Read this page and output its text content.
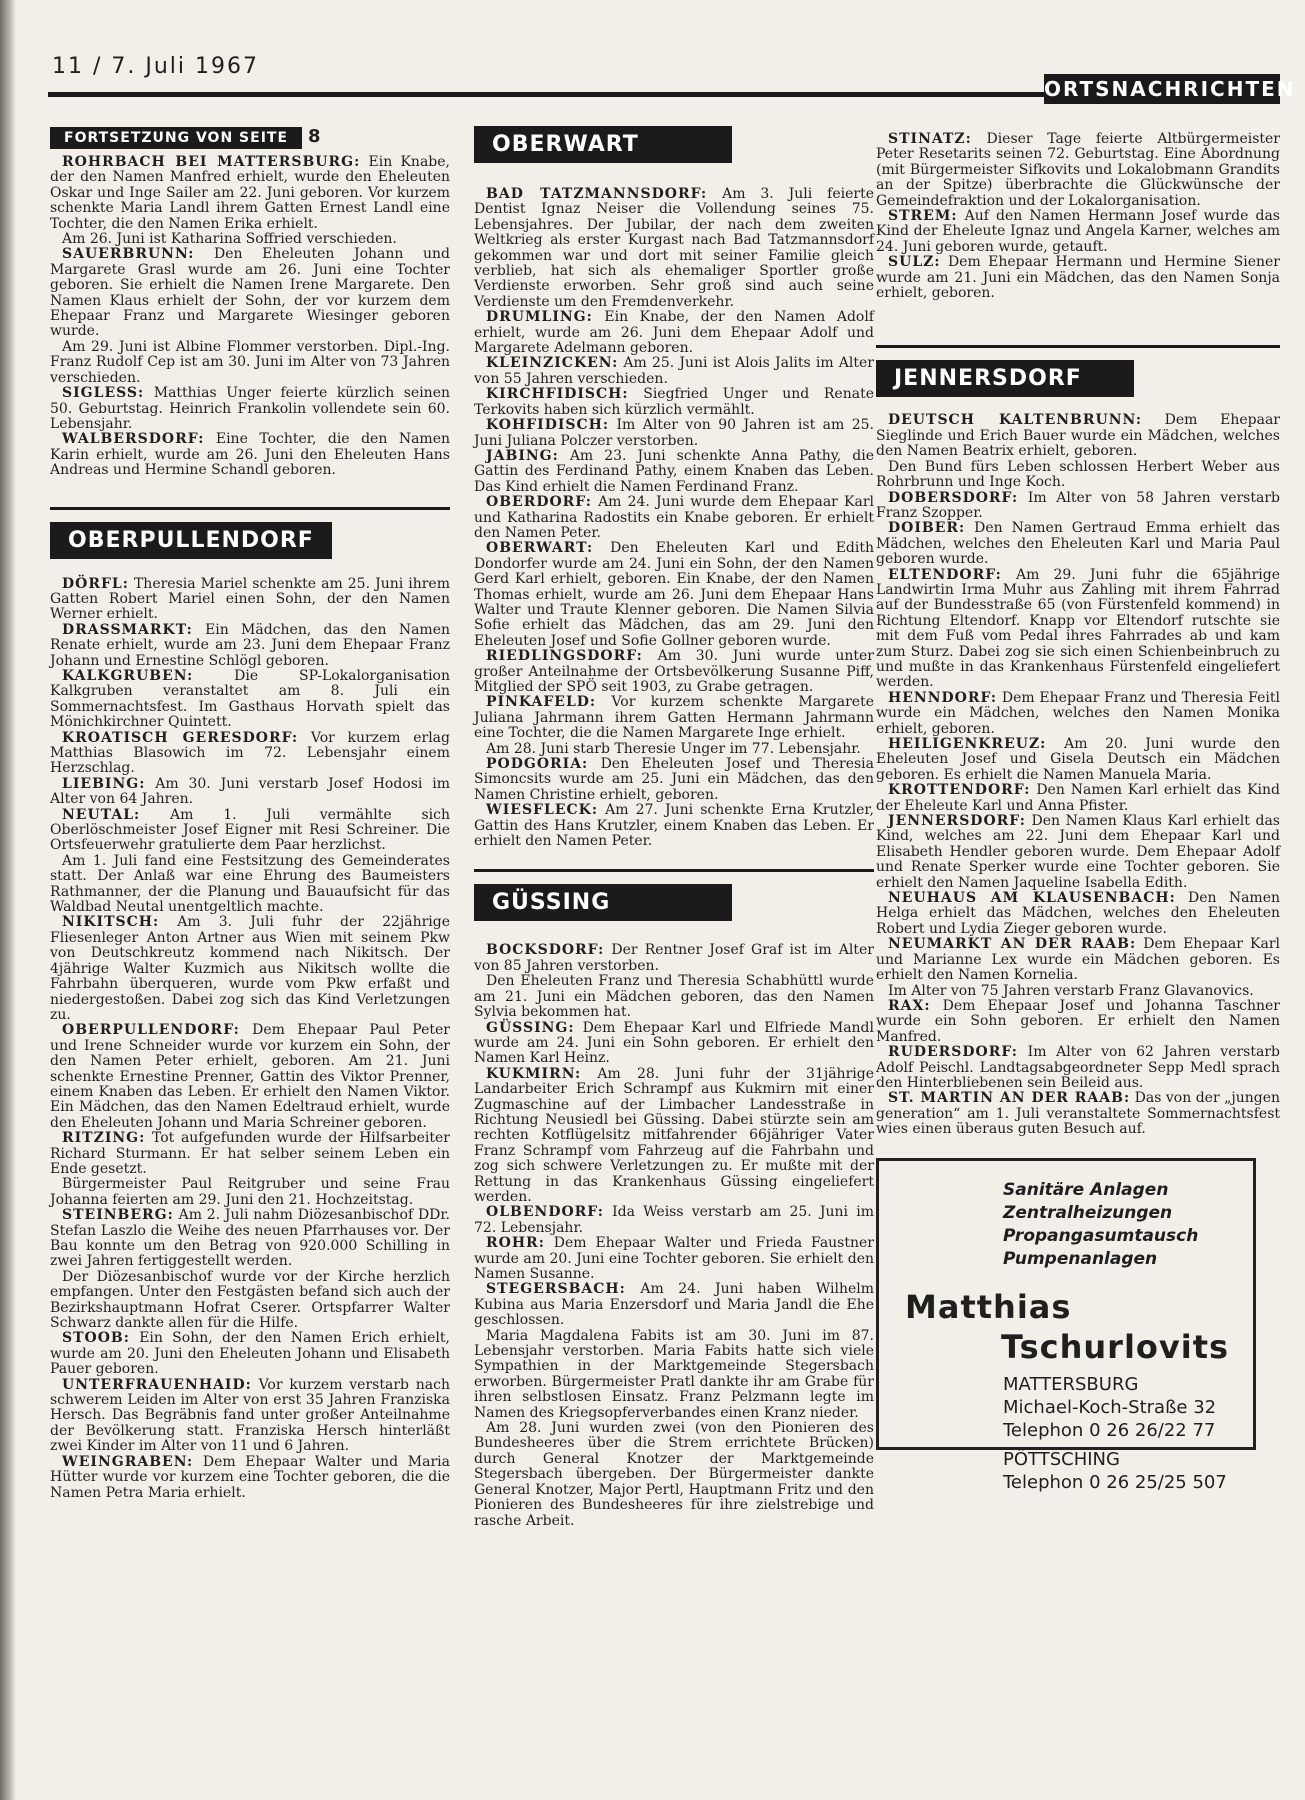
11 / 7. Juli 1967
ORTSNACHRICHTEN
FORTSETZUNG VON SEITE 8

ROHRBACH BEI MATTERSBURG: Ein Knabe, der den Namen Manfred erhielt, wurde den Eheleuten Oskar und Inge Sailer am 22. Juni geboren. Vor kurzem schenkte Maria Landl ihrem Gatten Ernest Landl eine Tochter, die den Namen Erika erhielt.

Am 26. Juni ist Katharina Soffried verschieden.

SAUERBRUNN: Den Eheleuten Johann und Margarete Grasl wurde am 26. Juni eine Tochter geboren. Sie erhielt die Namen Irene Margarete. Den Namen Klaus erhielt der Sohn, der vor kurzem dem Ehepaar Franz und Margarete Wiesinger geboren wurde.

Am 29. Juni ist Albine Flommer verstorben. Dipl.-Ing. Franz Rudolf Cep ist am 30. Juni im Alter von 73 Jahren verschieden.

SIGLESS: Matthias Unger feierte kürzlich seinen 50. Geburtstag. Heinrich Frankolin vollendete sein 60. Lebensjahr.

WALBERSDORF: Eine Tochter, die den Namen Karin erhielt, wurde am 26. Juni den Eheleuten Hans Andreas und Hermine Schandl geboren.

OBERPULLENDORF

DÖRFL: Theresia Mariel schenkte am 25. Juni ihrem Gatten Robert Mariel einen Sohn, der den Namen Werner erhielt.

DRASSMARKT: Ein Mädchen, das den Namen Renate erhielt, wurde am 23. Juni dem Ehepaar Franz Johann und Ernestine Schlögl geboren.

KALKGRUBEN: Die SP-Lokalorganisation Kalkgruben veranstaltet am 8. Juli ein Sommernachtsfest. Im Gasthaus Horvath spielt das Mönichkirchner Quintett.

KROATISCH GERESDORF: Vor kurzem erlag Matthias Blasowich im 72. Lebensjahr einem Herzschlag.

LIEBING: Am 30. Juni verstarb Josef Hodosi im Alter von 64 Jahren.

NEUTAL: Am 1. Juli vermählte sich Oberlöschmeister Josef Eigner mit Resi Schreiner. Die Ortsfeuerwehr gratulierte dem Paar herzlichst.

Am 1. Juli fand eine Festsitzung des Gemeinderates statt. Der Anlaß war eine Ehrung des Baumeisters Rathmanner, der die Planung und Bauaufsicht für das Waldbad Neutal unentgeltlich machte.

NIKITSCH: Am 3. Juli fuhr der 22jährige Fliesenleger Anton Artner aus Wien mit seinem Pkw von Deutschkreutz kommend nach Nikitsch. Der 4jährige Walter Kuzmich aus Nikitsch wollte die Fahrbahn überqueren, wurde vom Pkw erfaßt und niedergestoßen. Dabei zog sich das Kind Verletzungen zu.

OBERPULLENDORF: Dem Ehepaar Paul Peter und Irene Schneider wurde vor kurzem ein Sohn, der den Namen Peter erhielt, geboren. Am 21. Juni schenkte Ernestine Prenner, Gattin des Viktor Prenner, einem Knaben das Leben. Er erhielt den Namen Viktor. Ein Mädchen, das den Namen Edeltraud erhielt, wurde den Eheleuten Johann und Maria Schreiner geboren.

RITZING: Tot aufgefunden wurde der Hilfsarbeiter Richard Sturmann. Er hat selber seinem Leben ein Ende gesetzt.

Bürgermeister Paul Reitgruber und seine Frau Johanna feierten am 29. Juni den 21. Hochzeitstag.

STEINBERG: Am 2. Juli nahm Diözesanbischof DDr. Stefan Laszlo die Weihe des neuen Pfarrhauses vor. Der Bau konnte um den Betrag von 920.000 Schilling in zwei Jahren fertiggestellt werden.

Der Diözesanbischof wurde vor der Kirche herzlich empfangen. Unter den Festgästen befand sich auch der Bezirkshauptmann Hofrat Cserer. Ortspfarrer Walter Schwarz dankte allen für die Hilfe.

STOOB: Ein Sohn, der den Namen Erich erhielt, wurde am 20. Juni den Eheleuten Johann und Elisabeth Pauer geboren.

UNTERFRAUENHAID: Vor kurzem verstarb nach schwerem Leiden im Alter von erst 35 Jahren Franziska Hersch. Das Begräbnis fand unter großer Anteilnahme der Bevölkerung statt. Franziska Hersch hinterläßt zwei Kinder im Alter von 11 und 6 Jahren.

WEINGRABEN: Dem Ehepaar Walter und Maria Hütter wurde vor kurzem eine Tochter geboren, die die Namen Petra Maria erhielt.

OBERWART

BAD TATZMANNSDORF: Am 3. Juli feierte Dentist Ignaz Neiser die Vollendung seines 75. Lebensjahres. Der Jubilar, der nach dem zweiten Weltkrieg als erster Kurgast nach Bad Tatzmannsdorf gekommen war und dort mit seiner Familie gleich verblieb, hat sich als ehemaliger Sportler große Verdienste erworben. Sehr groß sind auch seine Verdienste um den Fremdenverkehr.

DRUMLING: Ein Knabe, der den Namen Adolf erhielt, wurde am 26. Juni dem Ehepaar Adolf und Margarete Adelmann geboren.

KLEINZICKEN: Am 25. Juni ist Alois Jalits im Alter von 55 Jahren verschieden.

KIRCHFIDISCH: Siegfried Unger und Renate Terkovits haben sich kürzlich vermählt.

KOHFIDISCH: Im Alter von 90 Jahren ist am 25. Juni Juliana Polczer verstorben.

JABING: Am 23. Juni schenkte Anna Pathy, die Gattin des Ferdinand Pathy, einem Knaben das Leben. Das Kind erhielt die Namen Ferdinand Franz.

OBERDORF: Am 24. Juni wurde dem Ehepaar Karl und Katharina Radostits ein Knabe geboren. Er erhielt den Namen Peter.

OBERWART: Den Eheleuten Karl und Edith Dondorfer wurde am 24. Juni ein Sohn, der den Namen Gerd Karl erhielt, geboren. Ein Knabe, der den Namen Thomas erhielt, wurde am 26. Juni dem Ehepaar Hans Walter und Traute Klenner geboren. Die Namen Silvia Sofie erhielt das Mädchen, das am 29. Juni den Eheleuten Josef und Sofie Gollner geboren wurde.

RIEDLINGSDORF: Am 30. Juni wurde unter großer Anteilnahme der Ortsbevölkerung Susanne Piff, Mitglied der SPÖ seit 1903, zu Grabe getragen.

PINKAFELD: Vor kurzem schenkte Margarete Juliana Jahrmann ihrem Gatten Hermann Jahrmann eine Tochter, die die Namen Margarete Inge erhielt.

Am 28. Juni starb Theresie Unger im 77. Lebensjahr.

PODGORIA: Den Eheleuten Josef und Theresia Simoncsits wurde am 25. Juni ein Mädchen, das den Namen Christine erhielt, geboren.

WIESFLECK: Am 27. Juni schenkte Erna Krutzler, Gattin des Hans Krutzler, einem Knaben das Leben. Er erhielt den Namen Peter.

GÜSSING

BOCKSDORF: Der Rentner Josef Graf ist im Alter von 85 Jahren verstorben.

Den Eheleuten Franz und Theresia Schabhüttl wurde am 21. Juni ein Mädchen geboren, das den Namen Sylvia bekommen hat.

GÜSSING: Dem Ehepaar Karl und Elfriede Mandl wurde am 24. Juni ein Sohn geboren. Er erhielt den Namen Karl Heinz.

KUKMIRN: Am 28. Juni fuhr der 31jährige Landarbeiter Erich Schrampf aus Kukmirn mit einer Zugmaschine auf der Limbacher Landesstraße in Richtung Neusiedl bei Güssing. Dabei stürzte sein am rechten Kotflügelsitz mitfahrender 66jähriger Vater Franz Schrampf vom Fahrzeug auf die Fahrbahn und zog sich schwere Verletzungen zu. Er mußte mit der Rettung in das Krankenhaus Güssing eingeliefert werden.

OLBENDORF: Ida Weiss verstarb am 25. Juni im 72. Lebensjahr.

ROHR: Dem Ehepaar Walter und Frieda Faustner wurde am 20. Juni eine Tochter geboren. Sie erhielt den Namen Susanne.

STEGERSBACH: Am 24. Juni haben Wilhelm Kubina aus Maria Enzersdorf und Maria Jandl die Ehe geschlossen.

Maria Magdalena Fabits ist am 30. Juni im 87. Lebensjahr verstorben. Maria Fabits hatte sich viele Sympathien in der Marktgemeinde Stegersbach erworben. Bürgermeister Pratl dankte ihr am Grabe für ihren selbstlosen Einsatz. Franz Pelzmann legte im Namen des Kriegsopferverbandes einen Kranz nieder.

Am 28. Juni wurden zwei (von den Pionieren des Bundesheeres über die Strem errichtete Brücken) durch General Knotzer der Marktgemeinde Stegersbach übergeben. Der Bürgermeister dankte General Knotzer, Major Pertl, Hauptmann Fritz und den Pionieren des Bundesheeres für ihre zielstrebige und rasche Arbeit.

STINATZ: Dieser Tage feierte Altbürgermeister Peter Resetarits seinen 72. Geburtstag. Eine Abordnung (mit Bürgermeister Sifkovits und Lokalobmann Grandits an der Spitze) überbrachte die Glückwünsche der Gemeindefraktion und der Lokalorganisation.

STREM: Auf den Namen Hermann Josef wurde das Kind der Eheleute Ignaz und Angela Karner, welches am 24. Juni geboren wurde, getauft.

SULZ: Dem Ehepaar Hermann und Hermine Siener wurde am 21. Juni ein Mädchen, das den Namen Sonja erhielt, geboren.

JENNERSDORF

DEUTSCH KALTENBRUNN: Dem Ehepaar Sieglinde und Erich Bauer wurde ein Mädchen, welches den Namen Beatrix erhielt, geboren.

Den Bund fürs Leben schlossen Herbert Weber aus Rohrbrunn und Inge Koch.

DOBERSDORF: Im Alter von 58 Jahren verstarb Franz Szopper.

DOIBER: Den Namen Gertraud Emma erhielt das Mädchen, welches den Eheleuten Karl und Maria Paul geboren wurde.

ELTENDORF: Am 29. Juni fuhr die 65jährige Landwirtin Irma Muhr aus Zahling mit ihrem Fahrrad auf der Bundesstraße 65 (von Fürstenfeld kommend) in Richtung Eltendorf. Knapp vor Eltendorf rutschte sie mit dem Fuß vom Pedal ihres Fahrrades ab und kam zum Sturz. Dabei zog sie sich einen Schienbeinbruch zu und mußte in das Krankenhaus Fürstenfeld eingeliefert werden.

HENNDORF: Dem Ehepaar Franz und Theresia Feitl wurde ein Mädchen, welches den Namen Monika erhielt, geboren.

HEILIGENKREUZ: Am 20. Juni wurde den Eheleuten Josef und Gisela Deutsch ein Mädchen geboren. Es erhielt die Namen Manuela Maria.

KROTTENDORF: Den Namen Karl erhielt das Kind der Eheleute Karl und Anna Pfister.

JENNERSDORF: Den Namen Klaus Karl erhielt das Kind, welches am 22. Juni dem Ehepaar Karl und Elisabeth Hendler geboren wurde. Dem Ehepaar Adolf und Renate Sperker wurde eine Tochter geboren. Sie erhielt den Namen Jaqueline Isabella Edith.

NEUHAUS AM KLAUSENBACH: Den Namen Helga erhielt das Mädchen, welches den Eheleuten Robert und Lydia Zieger geboren wurde.

NEUMARKT AN DER RAAB: Dem Ehepaar Karl und Marianne Lex wurde ein Mädchen geboren. Es erhielt den Namen Kornelia.

Im Alter von 75 Jahren verstarb Franz Glavanovics.

RAX: Dem Ehepaar Josef und Johanna Taschner wurde ein Sohn geboren. Er erhielt den Namen Manfred.

RUDERSDORF: Im Alter von 62 Jahren verstarb Adolf Peischl. Landtagsabgeordneter Sepp Medl sprach den Hinterbliebenen sein Beileid aus.

ST. MARTIN AN DER RAAB: Das von der „jungen generation“ am 1. Juli veranstaltete Sommernachtsfest wies einen überaus guten Besuch auf.

Sanitäre Anlagen
Zentralheizungen
Propangasumtausch
Pumpenanlagen
Matthias
Tschurlovits
MATTERSBURG
Michael-Koch-Straße 32
Telephon 0 26 26/22 77
PÖTTSCHING
Telephon 0 26 25/25 507
